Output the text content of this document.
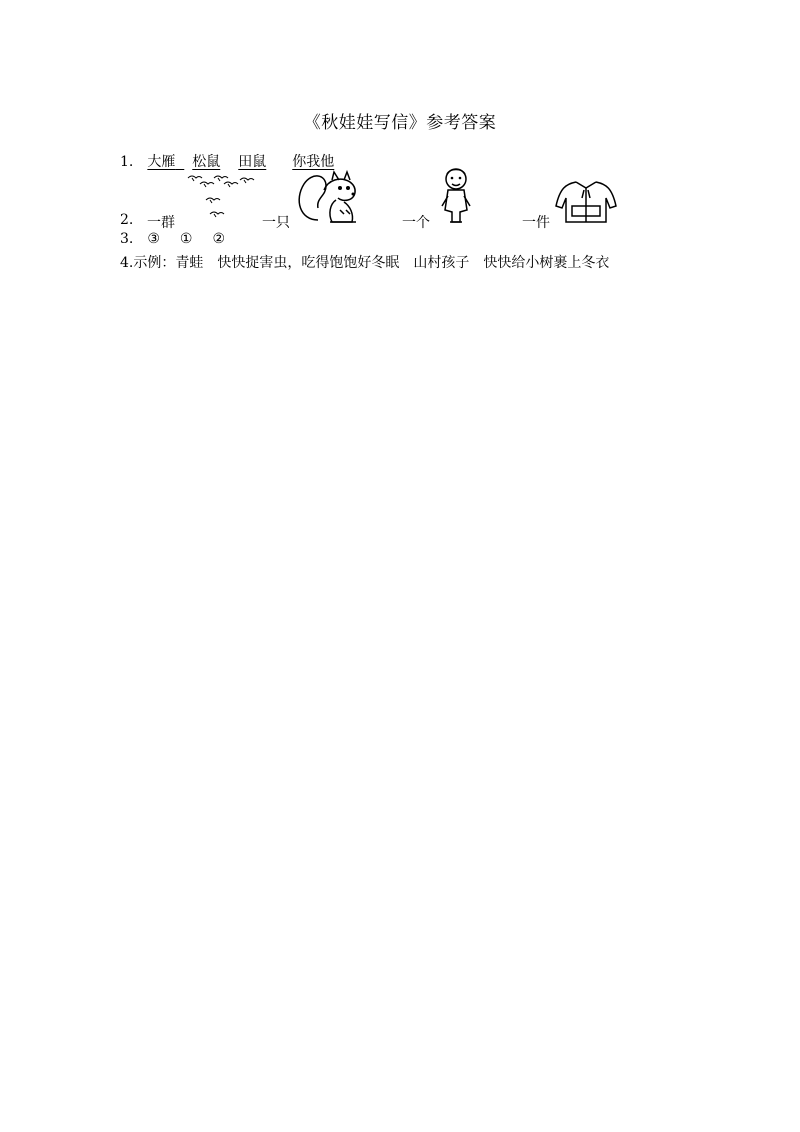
《秋娃娃写信》参考答案
1. 大雁 松鼠 田鼠 你我他
2. 一群	一只	一个	一件
3. ③ ① ②
4.示例：青蛙 快快捉害虫，吃得饱饱好冬眠 山村孩子 快快给小树裹上冬衣
